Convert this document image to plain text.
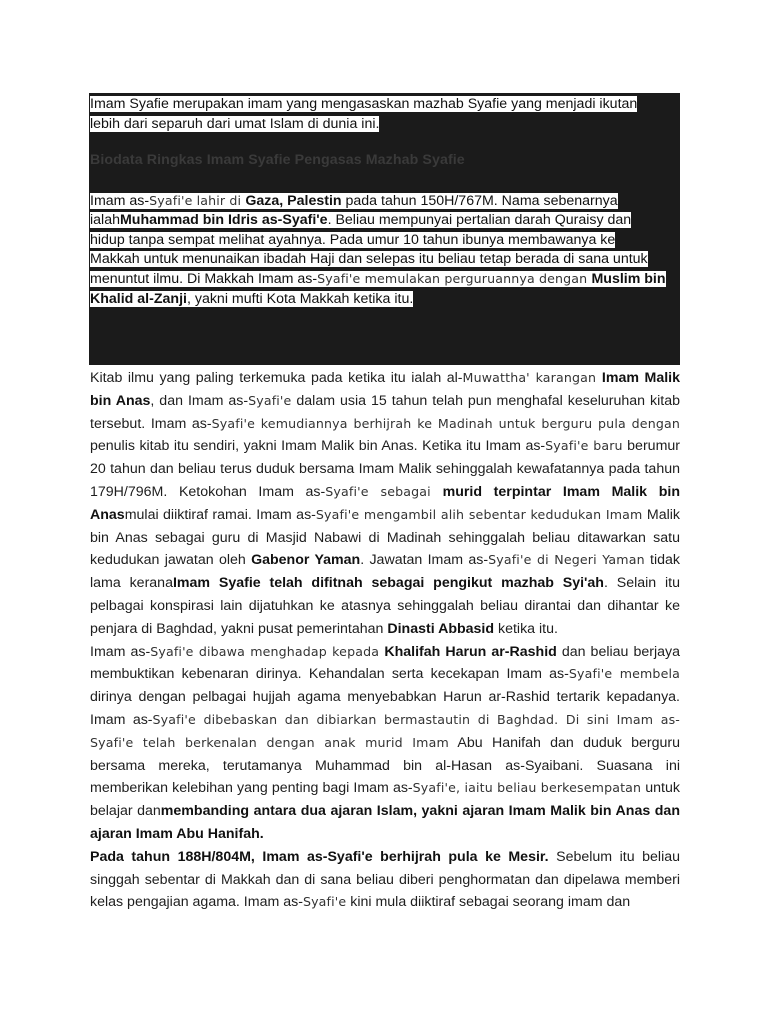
Imam Syafie merupakan imam yang mengasaskan mazhab Syafie yang menjadi ikutan
lebih dari separuh dari umat Islam di dunia ini.
Biodata Ringkas Imam Syafie Pengasas Mazhab Syafie
Imam as-Syafi'e lahir di Gaza, Palestin pada tahun 150H/767M. Nama sebenarnya
ialahMuhammad bin Idris as-Syafi'e. Beliau mempunyai pertalian darah Quraisy dan
hidup tanpa sempat melihat ayahnya. Pada umur 10 tahun ibunya membawanya ke
Makkah untuk menunaikan ibadah Haji dan selepas itu beliau tetap berada di sana untuk
menuntut ilmu. Di Makkah Imam as-Syafi'e memulakan perguruannya dengan Muslim bin
Khalid al-Zanji, yakni mufti Kota Makkah ketika itu.

Kitab ilmu yang paling terkemuka pada ketika itu ialah al-Muwattha' karangan Imam Malik bin Anas, dan Imam as-Syafi'e dalam usia 15 tahun telah pun menghafal keseluruhan kitab tersebut. Imam as-Syafi'e kemudiannya berhijrah ke Madinah untuk berguru pula dengan penulis kitab itu sendiri, yakni Imam Malik bin Anas. Ketika itu Imam as-Syafi'e baru berumur 20 tahun dan beliau terus duduk bersama Imam Malik sehinggalah kewafatannya pada tahun 179H/796M. Ketokohan Imam as-Syafi'e sebagai murid terpintar Imam Malik bin Anasmulai diiktiraf ramai. Imam as-Syafi'e mengambil alih sebentar kedudukan Imam Malik bin Anas sebagai guru di Masjid Nabawi di Madinah sehinggalah beliau ditawarkan satu kedudukan jawatan oleh Gabenor Yaman. Jawatan Imam as-Syafi'e di Negeri Yaman tidak lama keranaImam Syafie telah difitnah sebagai pengikut mazhab Syi'ah. Selain itu pelbagai konspirasi lain dijatuhkan ke atasnya sehinggalah beliau dirantai dan dihantar ke penjara di Baghdad, yakni pusat pemerintahan Dinasti Abbasid ketika itu.

Imam as-Syafi'e dibawa menghadap kepada Khalifah Harun ar-Rashid dan beliau berjaya membuktikan kebenaran dirinya. Kehandalan serta kecekapan Imam as-Syafi'e membela dirinya dengan pelbagai hujjah agama menyebabkan Harun ar-Rashid tertarik kepadanya. Imam as-Syafi'e dibebaskan dan dibiarkan bermastautin di Baghdad. Di sini Imam as-Syafi'e telah berkenalan dengan anak murid Imam Abu Hanifah dan duduk berguru bersama mereka, terutamanya Muhammad bin al-Hasan as-Syaibani. Suasana ini memberikan kelebihan yang penting bagi Imam as-Syafi'e, iaitu beliau berkesempatan untuk belajar danmembanding antara dua ajaran Islam, yakni ajaran Imam Malik bin Anas dan ajaran Imam Abu Hanifah.

Pada tahun 188H/804M, Imam as-Syafi'e berhijrah pula ke Mesir. Sebelum itu beliau singgah sebentar di Makkah dan di sana beliau diberi penghormatan dan dipelawa memberi kelas pengajian agama. Imam as-Syafi'e kini mula diiktiraf sebagai seorang imam dan
